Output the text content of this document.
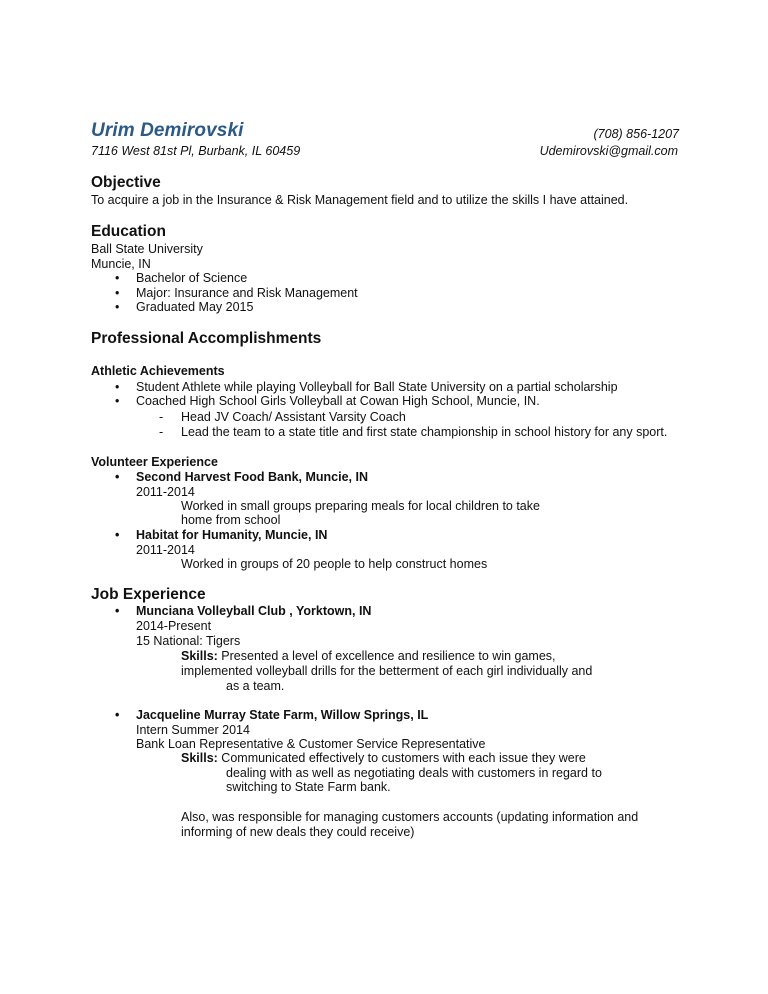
Urim Demirovski	(708) 856-1207
7116 West 81st Pl, Burbank, IL 60459	Udemirovski@gmail.com
Objective
To acquire a job in the Insurance & Risk Management field and to utilize the skills I have attained.
Education
Ball State University
Muncie, IN
• Bachelor of Science
• Major: Insurance and Risk Management
• Graduated May 2015
Professional Accomplishments
Athletic Achievements
• Student Athlete while playing Volleyball for Ball State University on a partial scholarship
• Coached High School Girls Volleyball at Cowan High School, Muncie, IN.
- Head JV Coach/ Assistant Varsity Coach
- Lead the team to a state title and first state championship in school history for any sport.
Volunteer Experience
• Second Harvest Food Bank, Muncie, IN
2011-2014
Worked in small groups preparing meals for local children to take
home from school
• Habitat for Humanity, Muncie, IN
2011-2014
Worked in groups of 20 people to help construct homes
Job Experience
• Munciana Volleyball Club , Yorktown, IN
2014-Present
15 National: Tigers
Skills: Presented a level of excellence and resilience to win games,
implemented volleyball drills for the betterment of each girl individually and
as a team.
• Jacqueline Murray State Farm, Willow Springs, IL
Intern Summer 2014
Bank Loan Representative & Customer Service Representative
Skills: Communicated effectively to customers with each issue they were
dealing with as well as negotiating deals with customers in regard to
switching to State Farm bank.
Also, was responsible for managing customers accounts (updating information and
informing of new deals they could receive)
